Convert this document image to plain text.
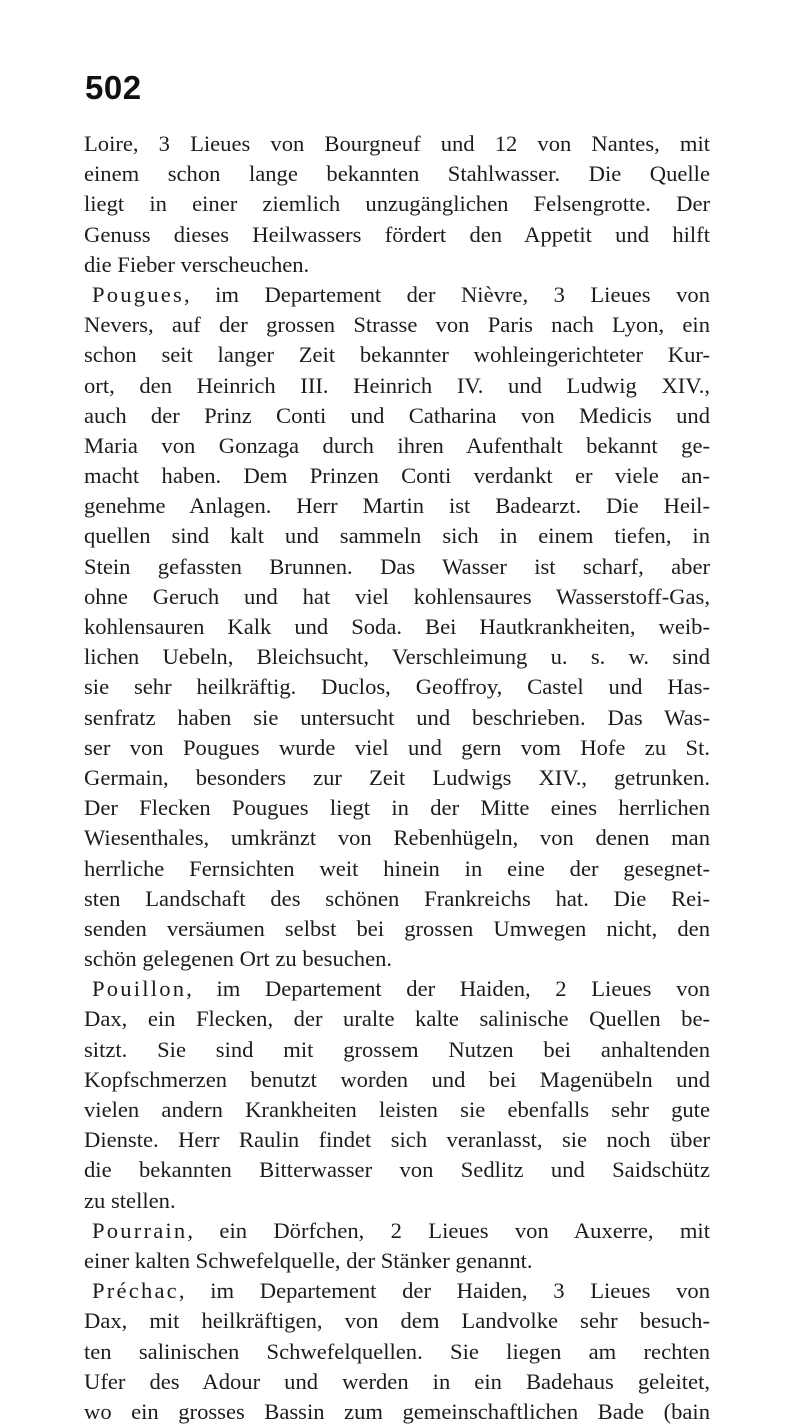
502
Loire, 3 Lieues von Bourgneuf und 12 von Nantes, mit
einem schon lange bekannten Stahlwasser. Die Quelle
liegt in einer ziemlich unzugänglichen Felsengrotte. Der
Genuss dieses Heilwassers fördert den Appetit und hilft
die Fieber verscheuchen.
Pougues, im Departement der Nièvre, 3 Lieues von
Nevers, auf der grossen Strasse von Paris nach Lyon, ein
schon seit langer Zeit bekannter wohleingerichteter Kur-
ort, den Heinrich III. Heinrich IV. und Ludwig XIV.,
auch der Prinz Conti und Catharina von Medicis und
Maria von Gonzaga durch ihren Aufenthalt bekannt ge-
macht haben. Dem Prinzen Conti verdankt er viele an-
genehme Anlagen. Herr Martin ist Badearzt. Die Heil-
quellen sind kalt und sammeln sich in einem tiefen, in
Stein gefassten Brunnen. Das Wasser ist scharf, aber
ohne Geruch und hat viel kohlensaures Wasserstoff-Gas,
kohlensauren Kalk und Soda. Bei Hautkrankheiten, weib-
lichen Uebeln, Bleichsucht, Verschleimung u. s. w. sind
sie sehr heilkräftig. Duclos, Geoffroy, Castel und Has-
senfratz haben sie untersucht und beschrieben. Das Was-
ser von Pougues wurde viel und gern vom Hofe zu St.
Germain, besonders zur Zeit Ludwigs XIV., getrunken.
Der Flecken Pougues liegt in der Mitte eines herrlichen
Wiesenthales, umkränzt von Rebenhügeln, von denen man
herrliche Fernsichten weit hinein in eine der gesegnet-
sten Landschaft des schönen Frankreichs hat. Die Rei-
senden versäumen selbst bei grossen Umwegen nicht, den
schön gelegenen Ort zu besuchen.
Pouillon, im Departement der Haiden, 2 Lieues von
Dax, ein Flecken, der uralte kalte salinische Quellen be-
sitzt. Sie sind mit grossem Nutzen bei anhaltenden
Kopfschmerzen benutzt worden und bei Magenübeln und
vielen andern Krankheiten leisten sie ebenfalls sehr gute
Dienste. Herr Raulin findet sich veranlasst, sie noch über
die bekannten Bitterwasser von Sedlitz und Saidschütz
zu stellen.
Pourrain, ein Dörfchen, 2 Lieues von Auxerre, mit
einer kalten Schwefelquelle, der Stänker genannt.
Préchac, im Departement der Haiden, 3 Lieues von
Dax, mit heilkräftigen, von dem Landvolke sehr besuch-
ten salinischen Schwefelquellen. Sie liegen am rechten
Ufer des Adour und werden in ein Badehaus geleitet,
wo ein grosses Bassin zum gemeinschaftlichen Bade (bain
